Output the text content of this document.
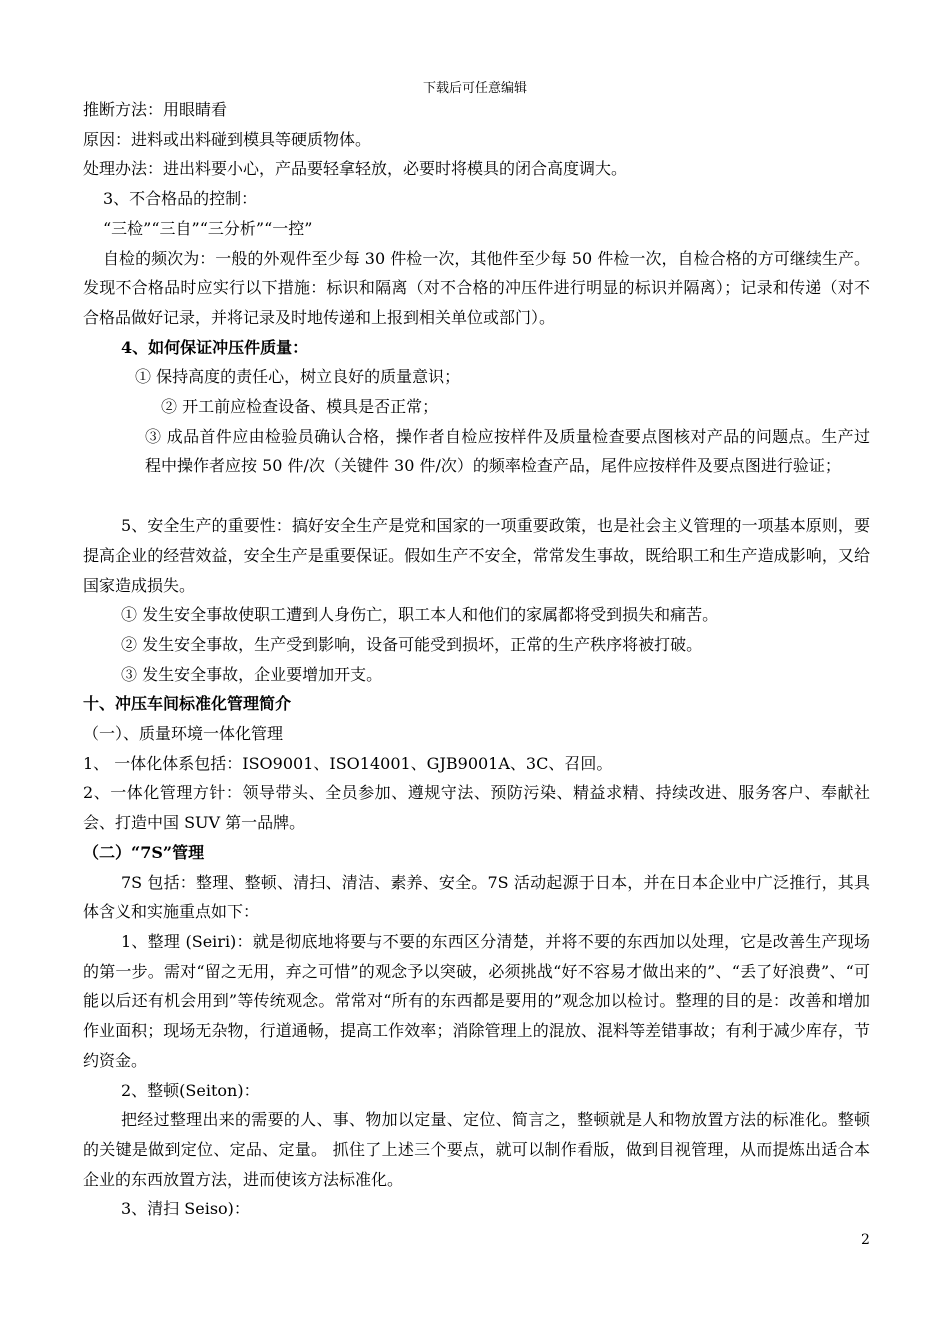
下载后可任意编辑

推断方法：用眼睛看

原因：进料或出料碰到模具等硬质物体。

处理办法：进出料要小心，产品要轻拿轻放，必要时将模具的闭合高度调大。

3、不合格品的控制：

“三检”“三自”“三分析”“一控”

自检的频次为：一般的外观件至少每 30 件检一次，其他件至少每 50 件检一次，自检合格的方可继续生产。发现不合格品时应实行以下措施：标识和隔离（对不合格的冲压件进行明显的标识并隔离）；记录和传递（对不合格品做好记录，并将记录及时地传递和上报到相关单位或部门）。

4、如何保证冲压件质量：

① 保持高度的责任心，树立良好的质量意识；

② 开工前应检查设备、模具是否正常；

③ 成品首件应由检验员确认合格，操作者自检应按样件及质量检查要点图核对产品的问题点。生产过程中操作者应按 50 件/次（关键件 30 件/次）的频率检查产品，尾件应按样件及要点图进行验证；

5、安全生产的重要性：搞好安全生产是党和国家的一项重要政策，也是社会主义管理的一项基本原则，要提高企业的经营效益，安全生产是重要保证。假如生产不安全，常常发生事故，既给职工和生产造成影响，又给国家造成损失。

① 发生安全事故使职工遭到人身伤亡，职工本人和他们的家属都将受到损失和痛苦。

② 发生安全事故，生产受到影响，设备可能受到损坏，正常的生产秩序将被打破。

③ 发生安全事故，企业要增加开支。

十、冲压车间标准化管理简介

（一）、质量环境一体化管理

1、 一体化体系包括：ISO9001、ISO14001、GJB9001A、3C、召回。

2、一体化管理方针：领导带头、全员参加、遵规守法、预防污染、精益求精、持续改进、服务客户、奉献社会、打造中国 SUV 第一品牌。

（二）“7S”管理

7S 包括：整理、整顿、清扫、清洁、素养、安全。7S 活动起源于日本，并在日本企业中广泛推行，其具体含义和实施重点如下：

1、整理 (Seiri)：就是彻底地将要与不要的东西区分清楚，并将不要的东西加以处理，它是改善生产现场的第一步。需对“留之无用，弃之可惜”的观念予以突破，必须挑战“好不容易才做出来的”、“丢了好浪费”、“可能以后还有机会用到”等传统观念。常常对“所有的东西都是要用的”观念加以检讨。整理的目的是：改善和增加作业面积；现场无杂物，行道通畅，提高工作效率；消除管理上的混放、混料等差错事故；有利于减少库存，节约资金。

2、整顿(Seiton)：

把经过整理出来的需要的人、事、物加以定量、定位、简言之，整顿就是人和物放置方法的标准化。整顿的关键是做到定位、定品、定量。 抓住了上述三个要点，就可以制作看版，做到目视管理，从而提炼出适合本企业的东西放置方法，进而使该方法标准化。

3、清扫 Seiso)：

2
